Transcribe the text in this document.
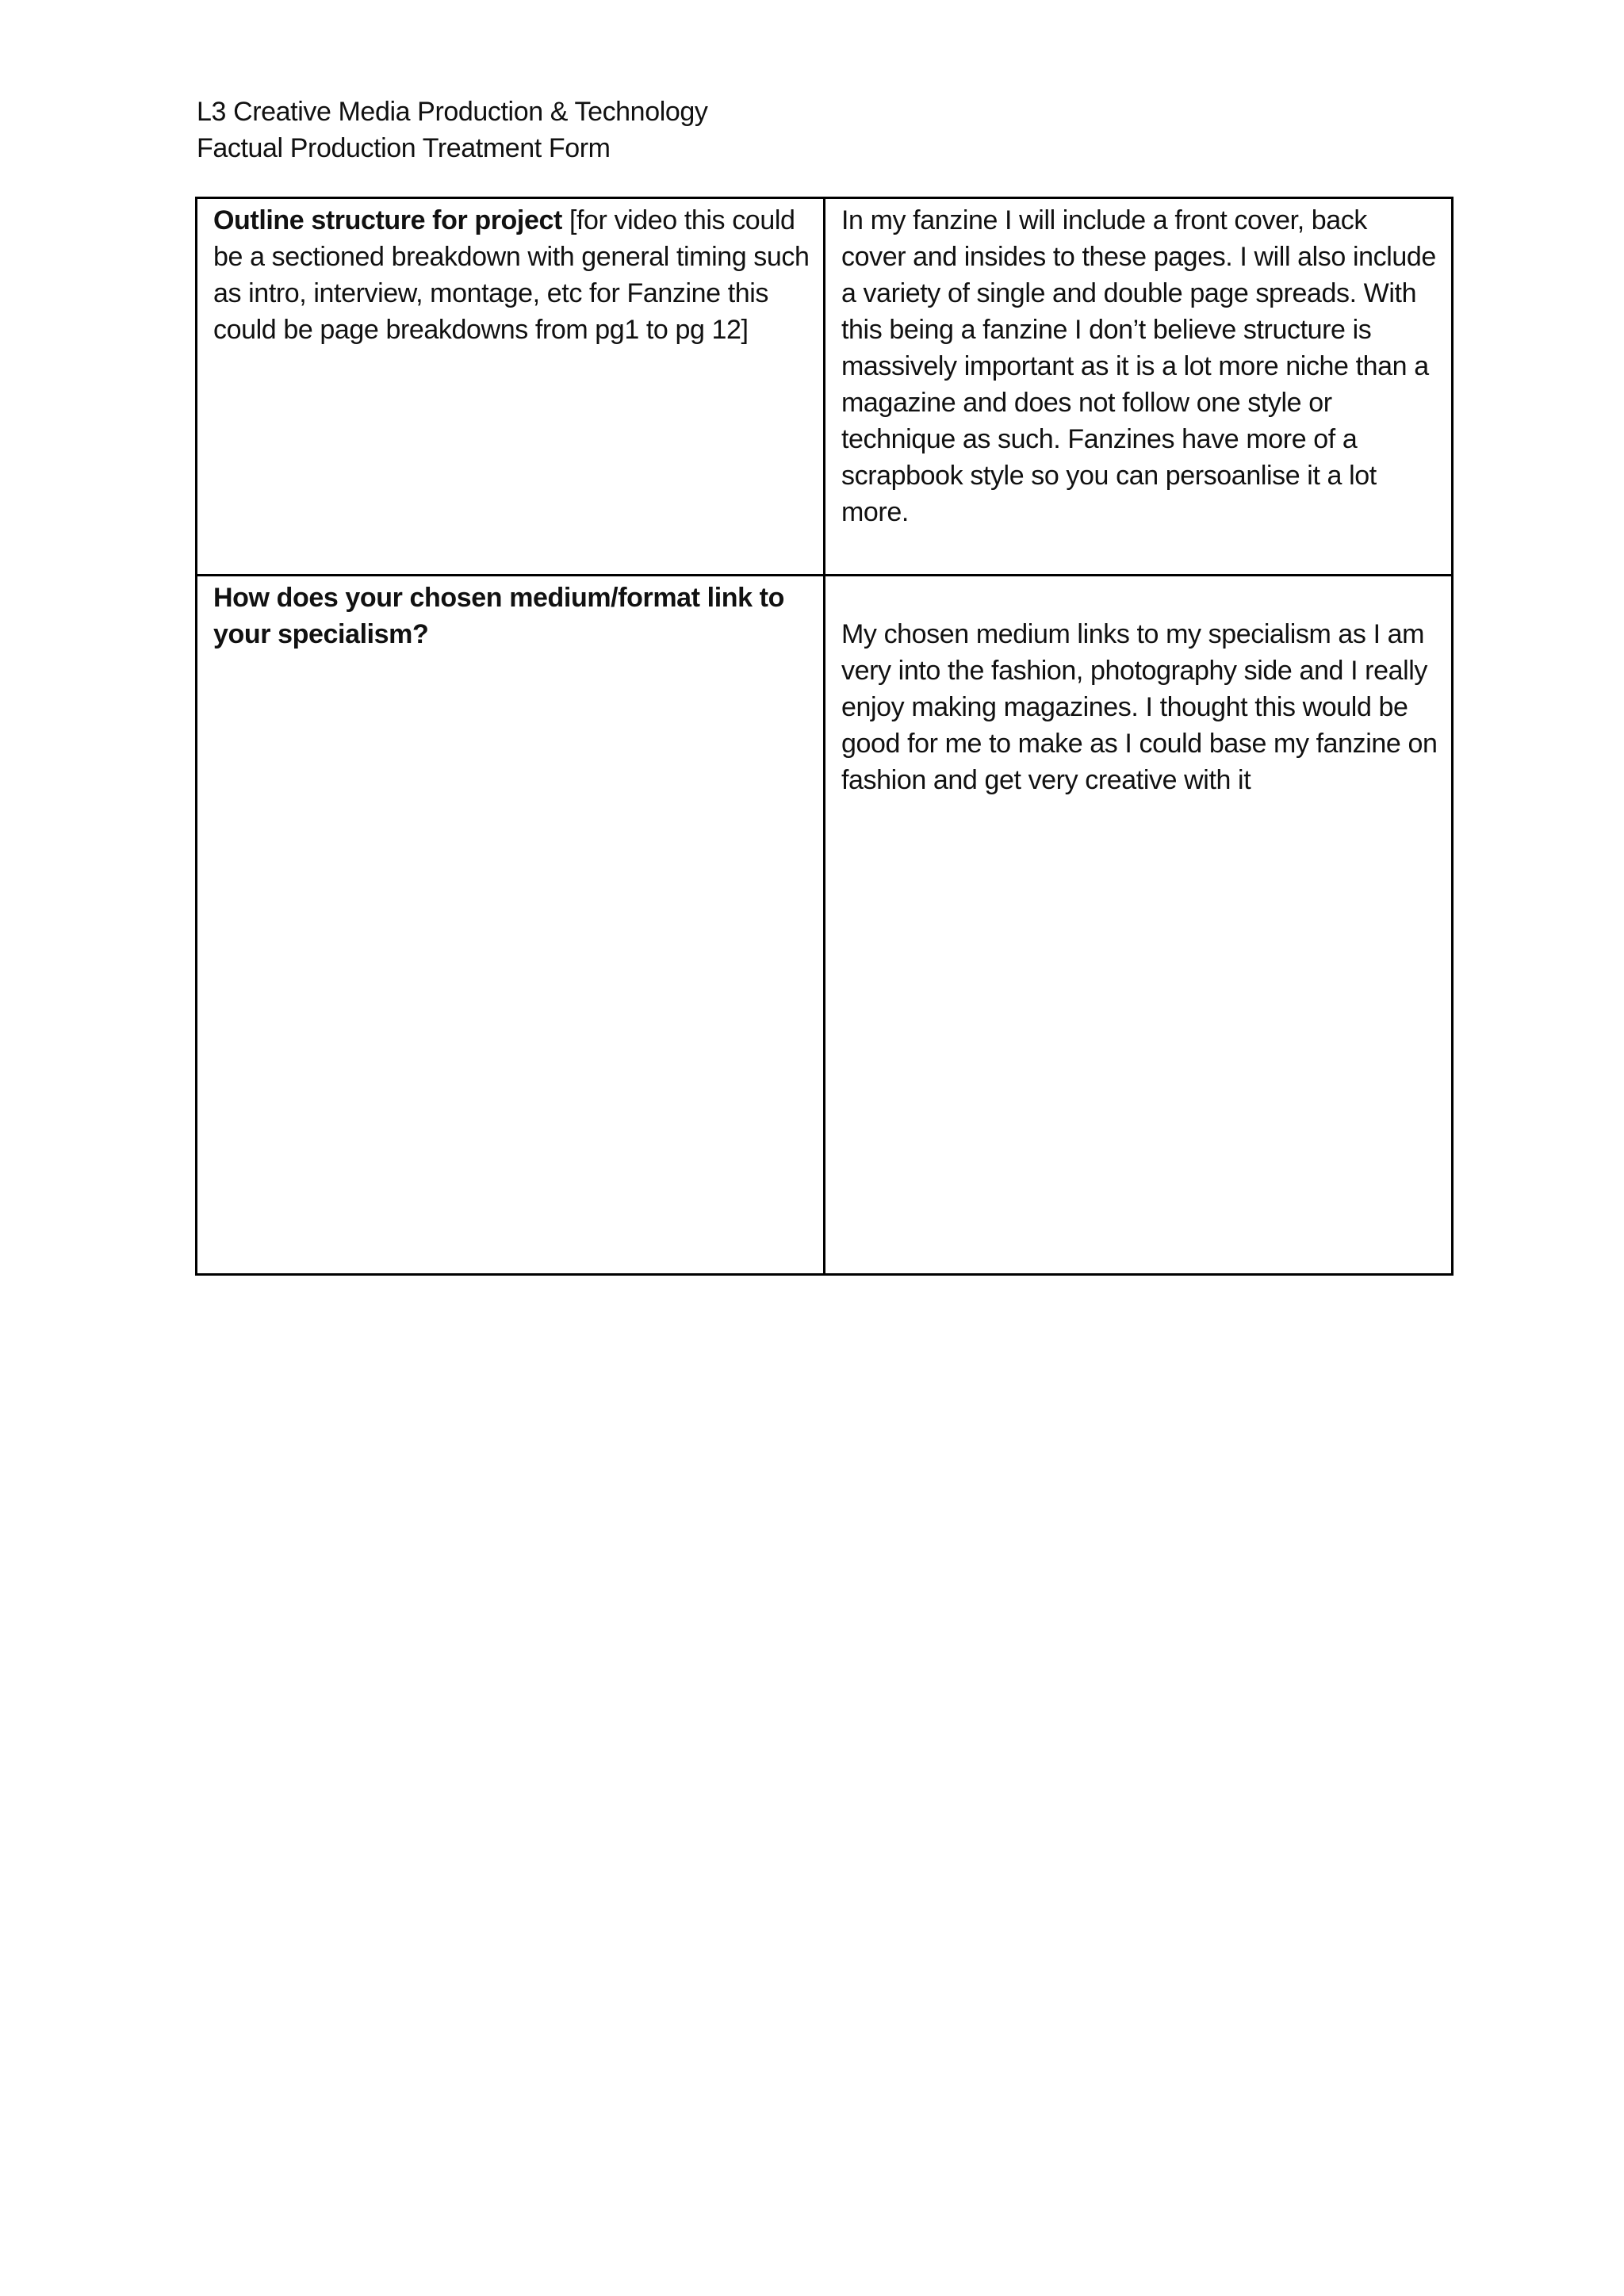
L3 Creative Media Production & Technology
Factual Production Treatment Form
Outline structure for project [for video this could be a sectioned breakdown with general timing such as intro, interview, montage, etc for Fanzine this could be page breakdowns from pg1 to pg 12]	In my fanzine I will include a front cover, back cover and insides to these pages. I will also include a variety of single and double page spreads. With this being a fanzine I don’t believe structure is massively important as it is a lot more niche than a magazine and does not follow one style or technique as such. Fanzines have more of a scrapbook style so you can persoanlise it a lot more.

How does your chosen medium/format link to your specialism?	My chosen medium links to my specialism as I am very into the fashion, photography side and I really enjoy making magazines. I thought this would be good for me to make as I could base my fanzine on fashion and get very creative with it
